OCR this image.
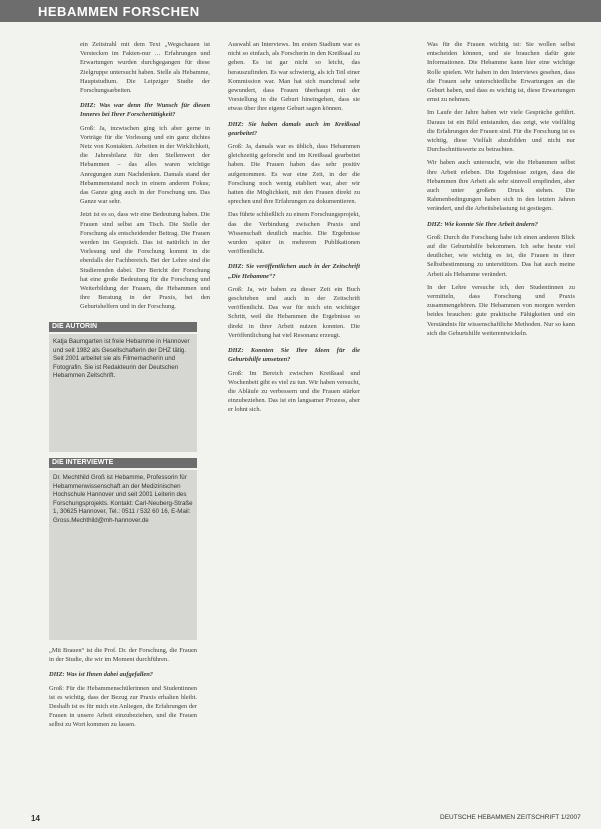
HEBAMMEN FORSCHEN

ein Zeitstrahl mit dem Text „Wegschauen ist Verstecken im Fakten-nur … Erfahrungen und Erwartungen wurden durchgegangen für diese Zielgruppe untersucht haben. Stelle als Hebamme, Hauptstudium. Die Leipziger Studie der Forschungsarbeiten.

DHZ: Was war denn Ihr Wunsch für diesen Inneres bei Ihrer Forschertätigkeit?

Groß: Ja, inzwischen ging ich aber gerne in Vorträge für die Vorlesung und ein ganz dichtes Netz von Kontakten. Arbeiten in der Wirklichkeit, die Jahresbilanz für den Stellenwert der Hebammen – das alles waren wichtige Anregungen zum Nachdenken. Damals stand der Hebammenstand noch in einem anderen Fokus; das Ganze ging auch in der Forschung um. Das Ganze war sehr.

Jetzt ist es so, dass wir eine Bedeutung haben. Die Frauen sind selbst am Tisch. Die Stelle der Forschung als entscheidender Beitrag. Die Frauen werden im Gespräch. Das ist natürlich in der Vorlesung und die Forschung kommt in die ebenfalls der Fachbereich. Bei der Lehre sind die Studierenden dabei. Der Bericht der Forschung hat eine große Bedeutung für die Forschung und Weiterbildung der Frauen, die Hebammen und ihre Beratung in der Praxis, bei den Geburtshelfern und in der Forschung.

DIE AUTORIN

Katja Baumgarten ist freie Hebamme in Hannover und seit 1982 als Gesellschafterin der DHZ tätig. Seit 2001 arbeitet sie als Filmemacherin und Fotografin. Sie ist Redakteurin der Deutschen Hebammen Zeitschrift.

DIE INTERVIEWTE

Dr. Mechthild Groß ist Hebamme, Professorin für Hebammenwissenschaft an der Medizinischen Hochschule Hannover und seit 2001 Leiterin des Forschungsprojekts. Kontakt: Carl-Neuberg-Straße 1, 30625 Hannover, Tel.: 0511 / 532 60 16, E-Mail: Gross.Mechthild@mh-hannover.de

Auswahl an Interviews. Im ersten Stadium war es nicht so einfach, als Forscherin in den Kreißsaal zu gehen. Es ist gar nicht so leicht, das herauszufinden. Es war schwierig, als ich Teil einer Kommission war. Man hat sich manchmal sehr gewundert, dass Frauen überhaupt mit der Vorstellung in die Geburt hineingehen, dass sie etwas über ihre eigene Geburt sagen können.

DHZ: Sie haben damals auch im Kreißsaal gearbeitet?

Groß: Ja, damals war es üblich, dass Hebammen gleichzeitig geforscht und im Kreißsaal gearbeitet haben. Die Frauen haben das sehr positiv aufgenommen. Es war eine Zeit, in der die Forschung noch wenig etabliert war, aber wir hatten die Möglichkeit, mit den Frauen direkt zu sprechen und ihre Erfahrungen zu dokumentieren.

Das führte schließlich zu einem Forschungsprojekt, das die Verbindung zwischen Praxis und Wissenschaft deutlich machte. Die Ergebnisse wurden später in mehreren Publikationen veröffentlicht.

DHZ: Sie veröffentlichen auch in der Zeitschrift „Die Hebamme“?

Groß: Ja, wir haben zu dieser Zeit ein Buch geschrieben und auch in der Zeitschrift veröffentlicht. Das war für mich ein wichtiger Schritt, weil die Hebammen die Ergebnisse so direkt in ihrer Arbeit nutzen konnten. Die Veröffentlichung hat viel Resonanz erzeugt.

DHZ: Konnten Sie Ihre Ideen für die Geburtshilfe umsetzen?

Groß: Im Bereich zwischen Kreißsaal und Wochenbett gibt es viel zu tun. Wir haben versucht, die Abläufe zu verbessern und die Frauen stärker einzubeziehen. Das ist ein langsamer Prozess, aber er lohnt sich.

Was für die Frauen wichtig ist: Sie wollen selbst entscheiden können, und sie brauchen dafür gute Informationen. Die Hebamme kann hier eine wichtige Rolle spielen. Wir haben in den Interviews gesehen, dass die Frauen sehr unterschiedliche Erwartungen an die Geburt haben, und dass es wichtig ist, diese Erwartungen ernst zu nehmen.

Im Laufe der Jahre haben wir viele Gespräche geführt. Daraus ist ein Bild entstanden, das zeigt, wie vielfältig die Erfahrungen der Frauen sind. Für die Forschung ist es wichtig, diese Vielfalt abzubilden und nicht nur Durchschnittswerte zu betrachten.

Wir haben auch untersucht, wie die Hebammen selbst ihre Arbeit erleben. Die Ergebnisse zeigen, dass die Hebammen ihre Arbeit als sehr sinnvoll empfinden, aber auch unter großem Druck stehen. Die Rahmenbedingungen haben sich in den letzten Jahren verändert, und die Arbeitsbelastung ist gestiegen.

DHZ: Wie konnte Sie Ihre Arbeit ändern?

Groß: Durch die Forschung habe ich einen anderen Blick auf die Geburtshilfe bekommen. Ich sehe heute viel deutlicher, wie wichtig es ist, die Frauen in ihrer Selbstbestimmung zu unterstützen. Das hat auch meine Arbeit als Hebamme verändert.

In der Lehre versuche ich, den Studentinnen zu vermitteln, dass Forschung und Praxis zusammengehören. Die Hebammen von morgen werden beides brauchen: gute praktische Fähigkeiten und ein Verständnis für wissenschaftliche Methoden. Nur so kann sich die Geburtshilfe weiterentwickeln.

14	DEUTSCHE HEBAMMEN ZEITSCHRIFT 1/2007

„Mit Brauen“ ist die Prof. Dr. der Forschung, die Frauen in der Studie, die wir im Moment durchführen.

DHZ: Was ist Ihnen dabei aufgefallen?

Groß: Für die Hebammenschülerinnen und Studentinnen ist es wichtig, dass der Bezug zur Praxis erhalten bleibt. Deshalb ist es für mich ein Anliegen, die Erfahrungen der Frauen in unsere Arbeit einzubeziehen, und die Frauen selbst zu Wort kommen zu lassen.
